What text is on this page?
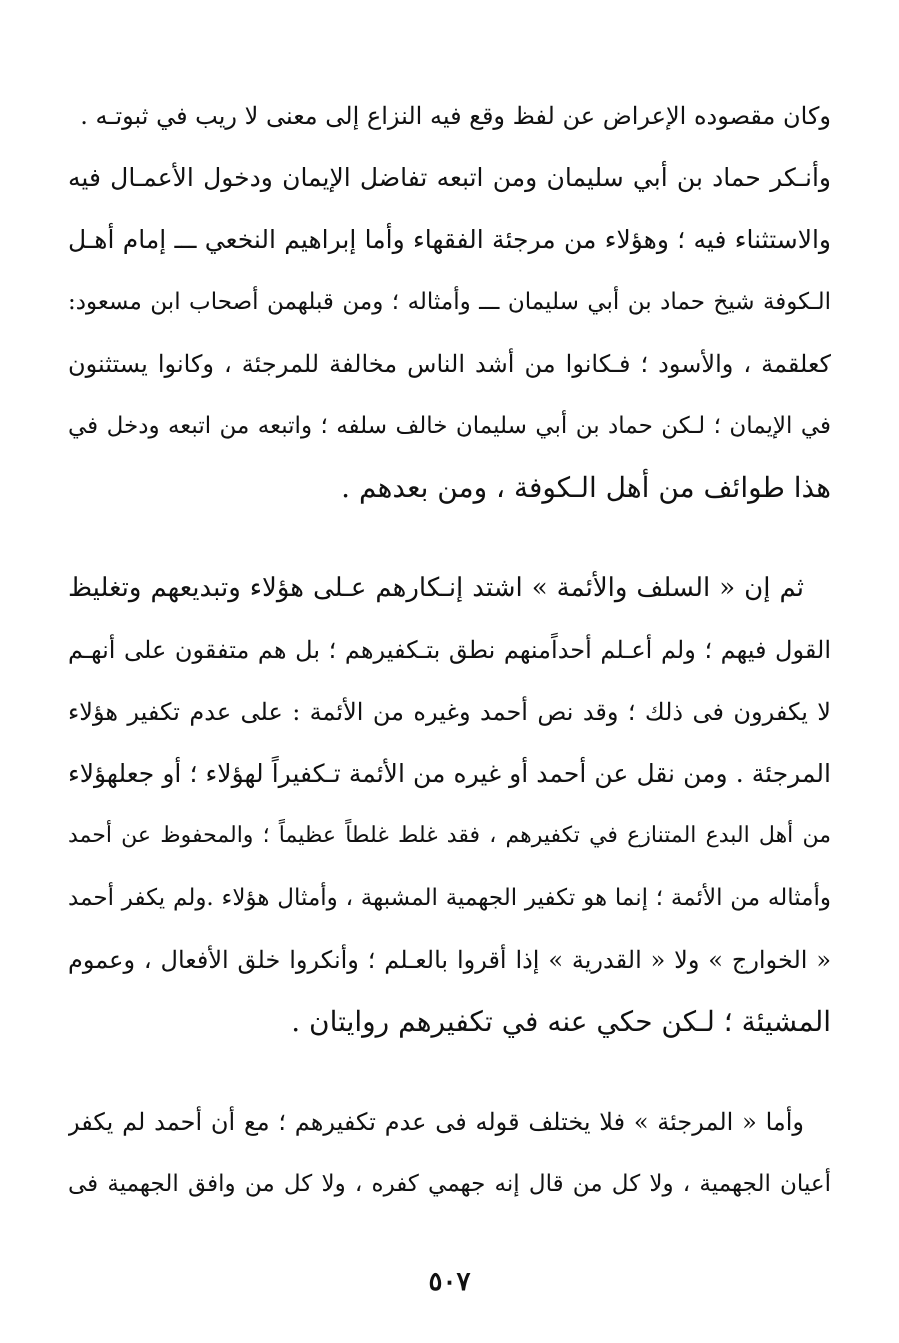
وكان مقصوده الإعراض عن لفظ وقع فيه النزاع إلى معنى لا ريب في ثبوتـه .
وأنـكر حماد بن أبي سليمان ومن اتبعه تفاضل الإيمان ودخول الأعمـال فيه
والاستثناء فيه ؛ وهؤلاء من مرجئة الفقهاء وأما إبراهيم النخعي ـــ إمام أهـل
الـكوفة شيخ حماد بن أبي سليمان ـــ وأمثاله ؛ ومن قبلهمن أصحاب ابن مسعود:
كعلقمة ، والأسود ؛ فـكانوا من أشد الناس مخالفة للمرجئة ، وكانوا يستثنون
في الإيمان ؛ لـكن حماد بن أبي سليمان خالف سلفه ؛ واتبعه من اتبعه ودخل في
هذا طوائف من أهل الـكوفة ، ومن بعدهم .
ثم إن « السلف والأئمة » اشتد إنـكارهم عـلى هؤلاء وتبديعهم وتغليظ
القول فيهم ؛ ولم أعـلم أحداًمنهم نطق بتـكفيرهم ؛ بل هم متفقون على أنهـم
لا يكفرون فى ذلك ؛ وقد نص أحمد وغيره من الأئمة : على عدم تكفير هؤلاء
المرجئة . ومن نقل عن أحمد أو غيره من الأئمة تـكفيراً لهؤلاء ؛ أو جعلهؤلاء
من أهل البدع المتنازع في تكفيرهم ، فقد غلط غلطاً عظيماً ؛ والمحفوظ عن أحمد
وأمثاله من الأئمة ؛ إنما هو تكفير الجهمية المشبهة ، وأمثال هؤلاء .ولم يكفر أحمد
« الخوارج » ولا « القدرية » إذا أقروا بالعـلم ؛ وأنكروا خلق الأفعال ، وعموم
المشيئة ؛ لـكن حكي عنه في تكفيرهم روايتان .
وأما « المرجئة » فلا يختلف قوله فى عدم تكفيرهم ؛ مع أن أحمد لم يكفر
أعيان الجهمية ، ولا كل من قال إنه جهمي كفره ، ولا كل من وافق الجهمية فى
٥٠٧
